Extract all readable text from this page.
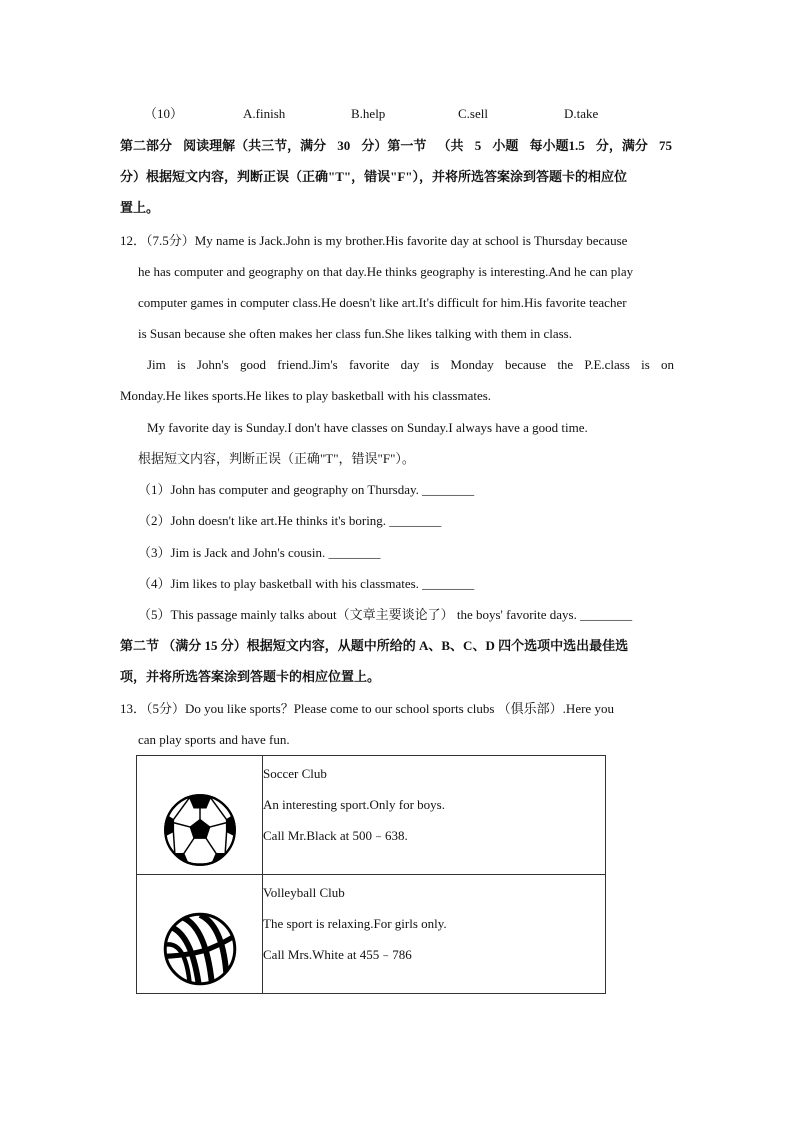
（10）	A.finish	B.help	C.sell	D.take
第二部分 阅读理解（共三节，满分 30 分）第一节 （共 5 小题 每小题1.5 分，满分 75
分）根据短文内容，判断正误（正确"T"，错误"F"），并将所选答案涂到答题卡的相应位
置上。
12．（7.5分）My name is Jack.John is my brother.His favorite day at school is Thursday because
he has computer and geography on that day.He thinks geography is interesting.And he can play
computer games in computer class.He doesn't like art.It's difficult for him.His favorite teacher
is Susan because she often makes her class fun.She likes talking with them in class.
Jim is John's good friend.Jim's favorite day is Monday because the P.E.class is on
Monday.He likes sports.He likes to play basketball with his classmates.
My favorite day is Sunday.I don't have classes on Sunday.I always have a good time.
根据短文内容，判断正误（正确"T"，错误"F"）。
（1）John has computer and geography on Thursday. ________
（2）John doesn't like art.He thinks it's boring. ________
（3）Jim is Jack and John's cousin. ________
（4）Jim likes to play basketball with his classmates. ________
（5）This passage mainly talks about（文章主要谈论了） the boys' favorite days. ________
第二节 （满分 15 分）根据短文内容，从题中所给的 A、B、C、D 四个选项中选出最佳选
项，并将所选答案涂到答题卡的相应位置上。
13．（5分）Do you like sports？Please come to our school sports clubs （俱乐部）.Here you
can play sports and have fun.

Soccer Club
An interesting sport.Only for boys.
Call Mr.Black at 500﹣638.

Volleyball Club
The sport is relaxing.For girls only.
Call Mrs.White at 455﹣786
